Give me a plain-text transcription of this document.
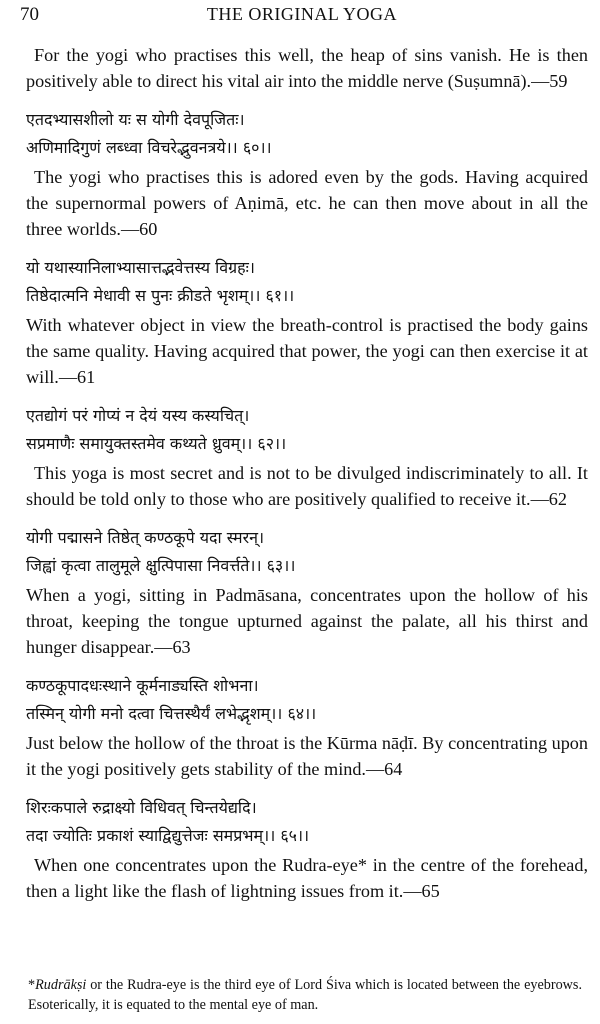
70	THE ORIGINAL YOGA

For the yogi who practises this well, the heap of sins vanish. He is then positively able to direct his vital air into the middle nerve (Suṣumnā).—59

एतदभ्यासशीलो यः स योगी देवपूजितः।
अणिमादिगुणं लब्ध्वा विचरेद्भुवनत्रये।। ६०।।

The yogi who practises this is adored even by the gods. Having acquired the supernormal powers of Aṇimā, etc. he can then move about in all the three worlds.—60

यो यथास्यानिलाभ्यासात्तद्भवेत्तस्य विग्रहः।
तिष्ठेदात्मनि मेधावी स पुनः क्रीडते भृशम्।। ६१।।

With whatever object in view the breath-control is practised the body gains the same quality. Having acquired that power, the yogi can then exercise it at will.—61

एतद्योगं परं गोप्यं न देयं यस्य कस्यचित्।
सप्रमाणैः समायुक्तस्तमेव कथ्यते ध्रुवम्।। ६२।।

This yoga is most secret and is not to be divulged indiscriminately to all. It should be told only to those who are positively qualified to receive it.—62

योगी पद्मासने तिष्ठेत् कण्ठकूपे यदा स्मरन्।
जिह्वां कृत्वा तालुमूले क्षुत्पिपासा निवर्त्तते।। ६३।।

When a yogi, sitting in Padmāsana, concentrates upon the hollow of his throat, keeping the tongue upturned against the palate, all his thirst and hunger disappear.—63

कण्ठकूपादधःस्थाने कूर्मनाड्यस्ति शोभना।
तस्मिन् योगी मनो दत्वा चित्तस्थैर्यं लभेद्भृशम्।। ६४।।

Just below the hollow of the throat is the Kūrma nāḍī. By concentrating upon it the yogi positively gets stability of the mind.—64

शिरःकपाले रुद्राक्ष्यो विधिवत् चिन्तयेद्यदि।
तदा ज्योतिः प्रकाशं स्याद्विद्युत्तेजः समप्रभम्।। ६५।।

When one concentrates upon the Rudra-eye* in the centre of the forehead, then a light like the flash of lightning issues from it.—65

*Rudrākṣi or the Rudra-eye is the third eye of Lord Śiva which is located between the eyebrows. Esoterically, it is equated to the mental eye of man.
